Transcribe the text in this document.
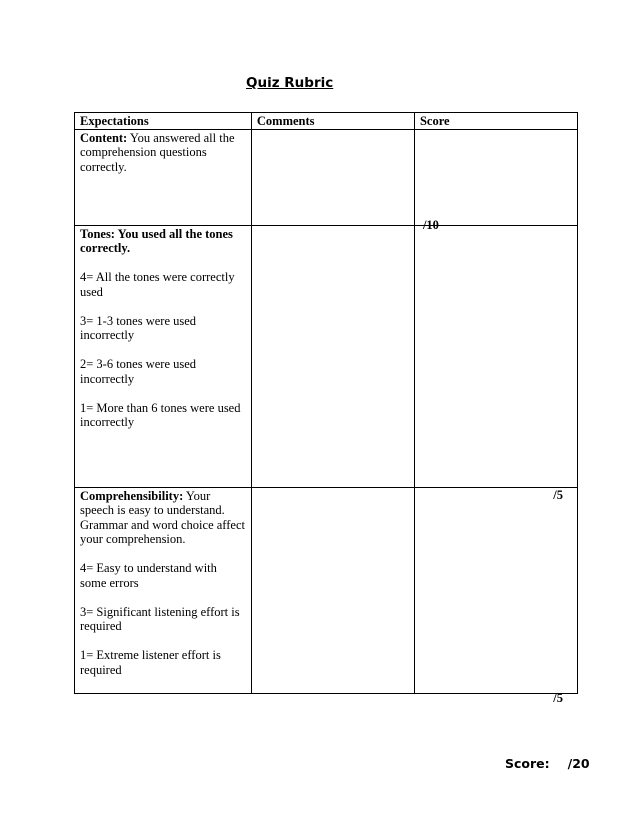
Quiz Rubric
Expectations	Comments	Score

Content: You answered all the comprehension questions correctly.		/10

Tones: You used all the tones correctly.
4= All the tones were correctly used
3= 1-3 tones were used incorrectly
2= 3-6 tones were used incorrectly
1= More than 6 tones were used incorrectly		/5

Comprehensibility: Your speech is easy to understand. Grammar and word choice affect your comprehension.
4= Easy to understand with some errors
3= Significant listening effort is required
1= Extreme listener effort is required		/5
Score: /20
